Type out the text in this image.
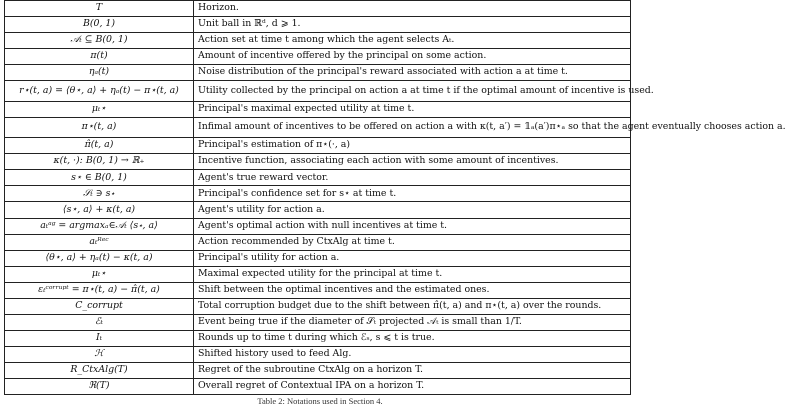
T	Horizon.
B(0, 1)	Unit ball in ℝᵈ, d ⩾ 1.
𝒜ₜ ⊆ B(0, 1)	Action set at time t among which the agent selects Aₜ.
π(t)	Amount of incentive offered by the principal on some action.
ηₐ(t)	Noise distribution of the principal's reward associated with action a at time t.
r⋆(t, a) = ⟨θ⋆, a⟩ + ηₐ(t) − π⋆(t, a)	Utility collected by the principal on action a at time t if the optimal amount of incentive is used.
μₜ⋆	Principal's maximal expected utility at time t.
π⋆(t, a)	Infimal amount of incentives to be offered on action a with κ(t, a′) = 𝟙ₐ(a′)π⋆ₐ so that the agent eventually chooses action a.
π̂(t, a)	Principal's estimation of π⋆(·, a)
κ(t, ·): B(0, 1) → ℝ₊	Incentive function, associating each action with some amount of incentives.
s⋆ ∈ B(0, 1)	Agent's true reward vector.
𝒮ₜ ∋ s⋆	Principal's confidence set for s⋆ at time t.
⟨s⋆, a⟩ + κ(t, a)	Agent's utility for action a.
aₜᵃᵍ = argmaxₐ∈𝒜ₜ ⟨s⋆, a⟩	Agent's optimal action with null incentives at time t.
aₜᴿᵉᶜ	Action recommended by CtxAlg at time t.
⟨θ⋆, a⟩ + ηₐ(t) − κ(t, a)	Principal's utility for action a.
μₜ⋆	Maximal expected utility for the principal at time t.
εₜᶜᵒʳʳᵘᵖᵗ = π⋆(t, a) − π̂(t, a)	Shift between the optimal incentives and the estimated ones.
C_corrupt	Total corruption budget due to the shift between π̂(t, a) and π⋆(t, a) over the rounds.
ℰₜ	Event being true if the diameter of 𝒮ₜ projected 𝒜ₜ is small than 1/T.
Iₜ	Rounds up to time t during which ℰₛ, s ⩽ t is true.
ℋ	Shifted history used to feed Alg.
R_CtxAlg(T)	Regret of the subroutine CtxAlg on a horizon T.
ℜ(T)	Overall regret of Contextual IPA on a horizon T.
Table 2: Notations used in Section 4.
